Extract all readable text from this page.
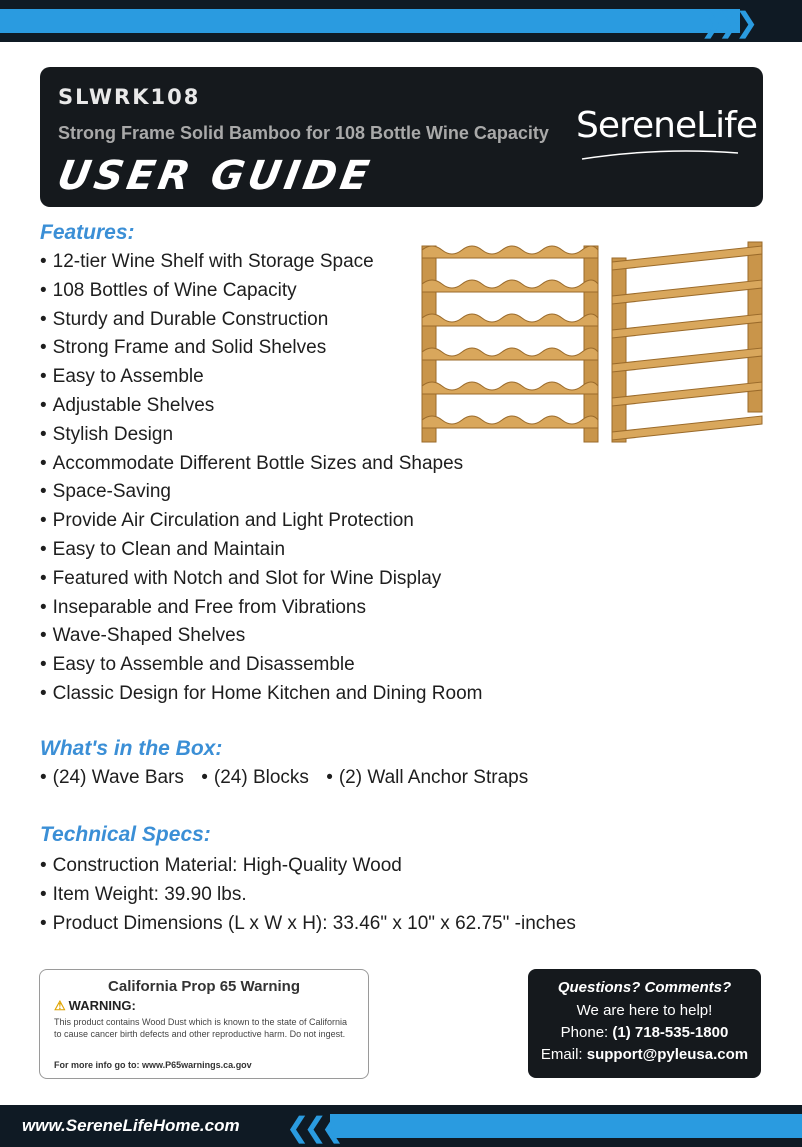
❯❯❯
SLWRK108
Strong Frame Solid Bamboo for 108 Bottle Wine Capacity
USER GUIDE
SereneLife
Features:
• 12-tier Wine Shelf with Storage Space
• 108 Bottles of Wine Capacity
• Sturdy and Durable Construction
• Strong Frame and Solid Shelves
• Easy to Assemble
• Adjustable Shelves
• Stylish Design
• Accommodate Different Bottle Sizes and Shapes
• Space-Saving
• Provide Air Circulation and Light Protection
• Easy to Clean and Maintain
• Featured with Notch and Slot for Wine Display
• Inseparable and Free from Vibrations
• Wave-Shaped Shelves
• Easy to Assemble and Disassemble
• Classic Design for Home Kitchen and Dining Room
What's in the Box:
• (24) Wave Bars • (24) Blocks • (2) Wall Anchor Straps
Technical Specs:
• Construction Material: High-Quality Wood
• Item Weight: 39.90 lbs.
• Product Dimensions (L x W x H): 33.46" x 10" x 62.75" -inches
California Prop 65 Warning
⚠ WARNING:
This product contains Wood Dust which is known to the state of California to cause cancer birth defects and other reproductive harm. Do not ingest.
For more info go to: www.P65warnings.ca.gov
Questions? Comments?
We are here to help!
Phone: (1) 718-535-1800
Email: support@pyleusa.com
❮❮❮
www.SereneLifeHome.com
